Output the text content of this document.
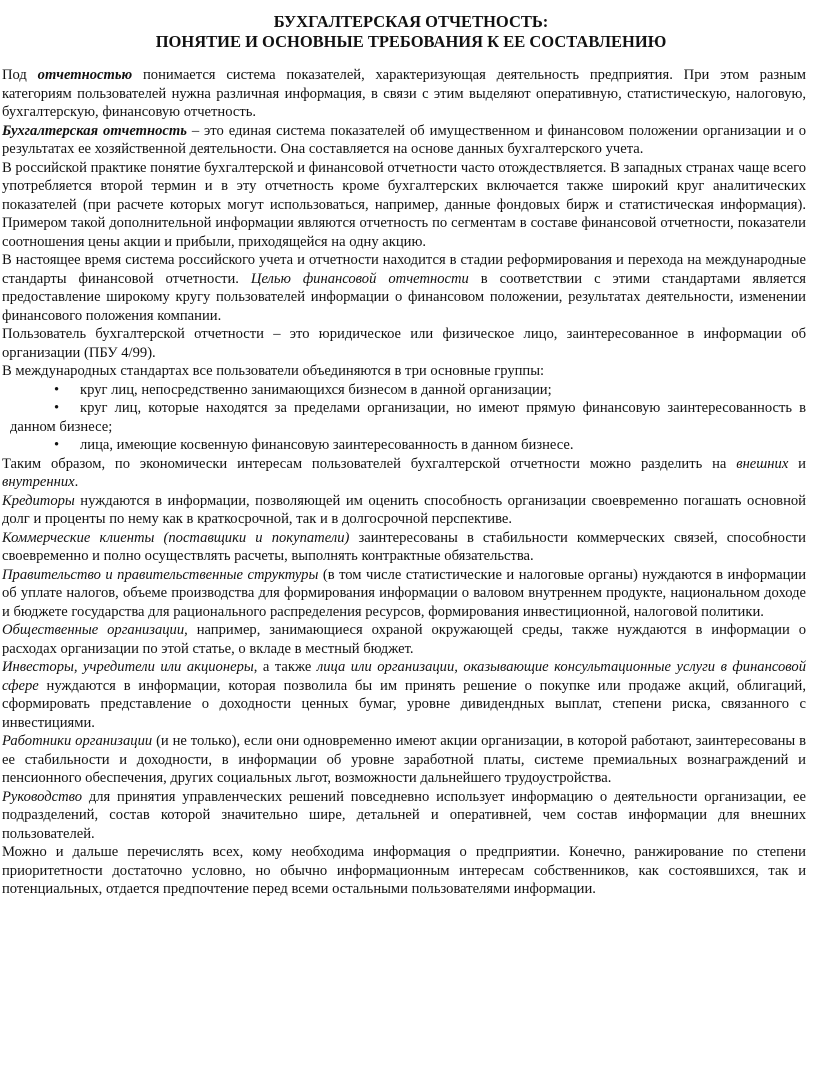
БУХГАЛТЕРСКАЯ ОТЧЕТНОСТЬ:
ПОНЯТИЕ И ОСНОВНЫЕ ТРЕБОВАНИЯ К ЕЕ СОСТАВЛЕНИЮ

Под отчетностью понимается система показателей, характеризующая деятельность предприятия. При этом разным категориям пользователей нужна различная информация, в связи с этим выделяют оперативную, статистическую, налоговую, бухгалтерскую, финансовую отчетность.

Бухгалтерская отчетность – это единая система показателей об имущественном и финансовом положении организации и о результатах ее хозяйственной деятельности. Она составляется на основе данных бухгалтерского учета.

В российской практике понятие бухгалтерской и финансовой отчетности часто отождествляется. В западных странах чаще всего употребляется второй термин и в эту отчетность кроме бухгалтерских включается также широкий круг аналитических показателей (при расчете которых могут использоваться, например, данные фондовых бирж и статистическая информация). Примером такой дополнительной информации являются отчетность по сегментам в составе финансовой отчетности, показатели соотношения цены акции и прибыли, приходящейся на одну акцию.

В настоящее время система российского учета и отчетности находится в стадии реформирования и перехода на международные стандарты финансовой отчетности. Целью финансовой отчетности в соответствии с этими стандартами является предоставление широкому кругу пользователей информации о финансовом положении, результатах деятельности, изменении финансового положения компании.

Пользователь бухгалтерской отчетности – это юридическое или физическое лицо, заинтересованное в информации об организации (ПБУ 4/99).

В международных стандартах все пользователи объединяются в три основные группы:

• круг лиц, непосредственно занимающихся бизнесом в данной организации;
• круг лиц, которые находятся за пределами организации, но имеют прямую финансовую заинтересованность в данном бизнесе;
• лица, имеющие косвенную финансовую заинтересованность в данном бизнесе.

Таким образом, по экономически интересам пользователей бухгалтерской отчетности можно разделить на внешних и внутренних.

Кредиторы нуждаются в информации, позволяющей им оценить способность организации своевременно погашать основной долг и проценты по нему как в краткосрочной, так и в долгосрочной перспективе.

Коммерческие клиенты (поставщики и покупатели) заинтересованы в стабильности коммерческих связей, способности своевременно и полно осуществлять расчеты, выполнять контрактные обязательства.

Правительство и правительственные структуры (в том числе статистические и налоговые органы) нуждаются в информации об уплате налогов, объеме производства для формирования информации о валовом внутреннем продукте, национальном доходе и бюджете государства для рационального распределения ресурсов, формирования инвестиционной, налоговой политики.

Общественные организации, например, занимающиеся охраной окружающей среды, также нуждаются в информации о расходах организации по этой статье, о вкладе в местный бюджет.

Инвесторы, учредители или акционеры, а также лица или организации, оказывающие консультационные услуги в финансовой сфере нуждаются в информации, которая позволила бы им принять решение о покупке или продаже акций, облигаций, сформировать представление о доходности ценных бумаг, уровне дивидендных выплат, степени риска, связанного с инвестициями.

Работники организации (и не только), если они одновременно имеют акции организации, в которой работают, заинтересованы в ее стабильности и доходности, в информации об уровне заработной платы, системе премиальных вознаграждений и пенсионного обеспечения, других социальных льгот, возможности дальнейшего трудоустройства.

Руководство для принятия управленческих решений повседневно использует информацию о деятельности организации, ее подразделений, состав которой значительно шире, детальней и оперативней, чем состав информации для внешних пользователей.

Можно и дальше перечислять всех, кому необходима информация о предприятии. Конечно, ранжирование по степени приоритетности достаточно условно, но обычно информационным интересам собственников, как состоявшихся, так и потенциальных, отдается предпочтение перед всеми остальными пользователями информации.
